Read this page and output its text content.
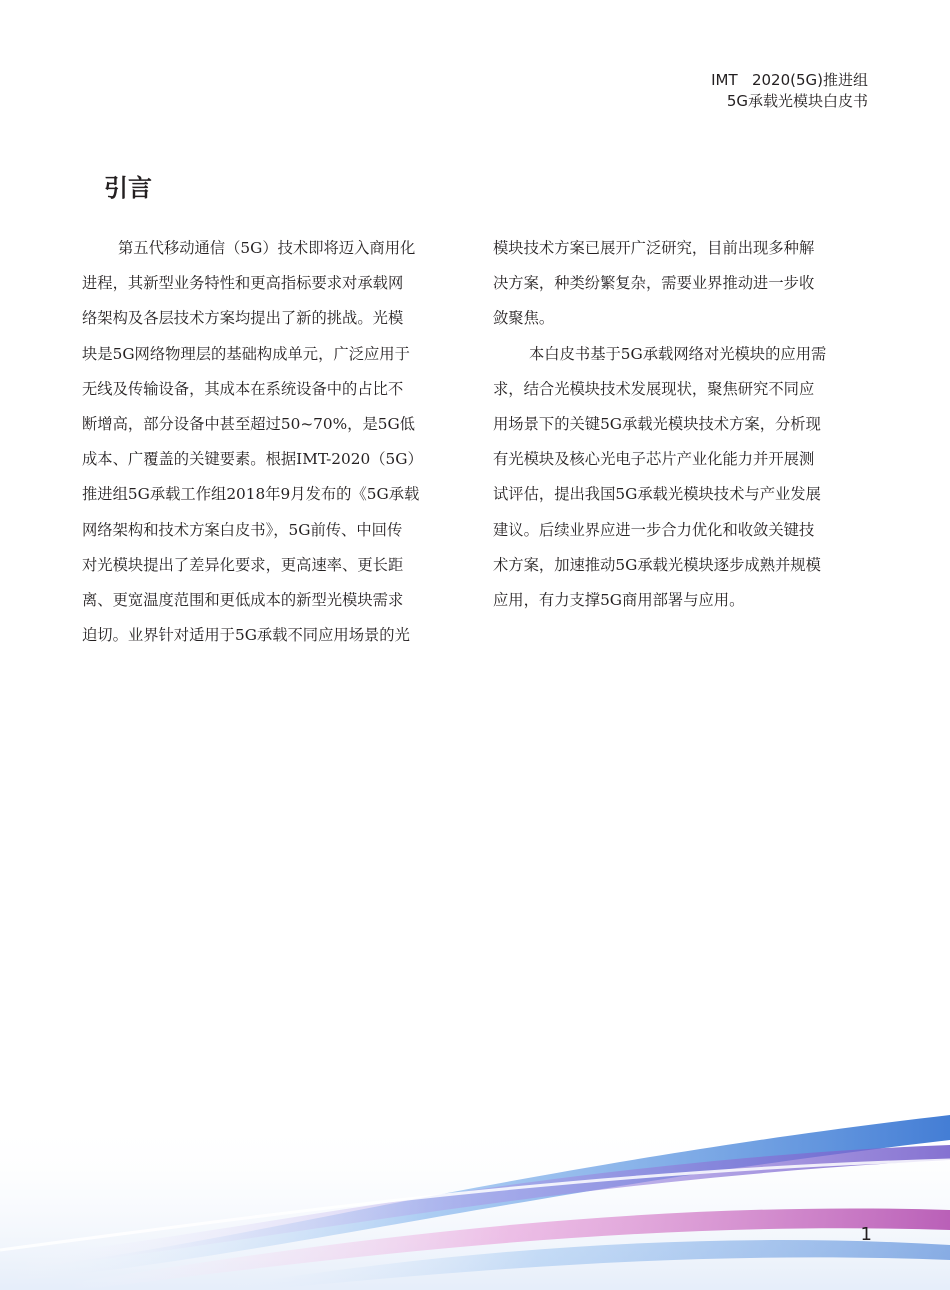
IMT   2020(5G)推进组
5G承载光模块白皮书
引言
第五代移动通信（5G）技术即将迈入商用化
进程，其新型业务特性和更高指标要求对承载网
络架构及各层技术方案均提出了新的挑战。光模
块是5G网络物理层的基础构成单元，广泛应用于
无线及传输设备，其成本在系统设备中的占比不
断增高，部分设备中甚至超过50~70%，是5G低
成本、广覆盖的关键要素。根据IMT-2020（5G）
推进组5G承载工作组2018年9月发布的《5G承载
网络架构和技术方案白皮书》，5G前传、中回传
对光模块提出了差异化要求，更高速率、更长距
离、更宽温度范围和更低成本的新型光模块需求
迫切。业界针对适用于5G承载不同应用场景的光
模块技术方案已展开广泛研究，目前出现多种解
决方案，种类纷繁复杂，需要业界推动进一步收
敛聚焦。
本白皮书基于5G承载网络对光模块的应用需
求，结合光模块技术发展现状，聚焦研究不同应
用场景下的关键5G承载光模块技术方案，分析现
有光模块及核心光电子芯片产业化能力并开展测
试评估，提出我国5G承载光模块技术与产业发展
建议。后续业界应进一步合力优化和收敛关键技
术方案，加速推动5G承载光模块逐步成熟并规模
应用，有力支撑5G商用部署与应用。
1
